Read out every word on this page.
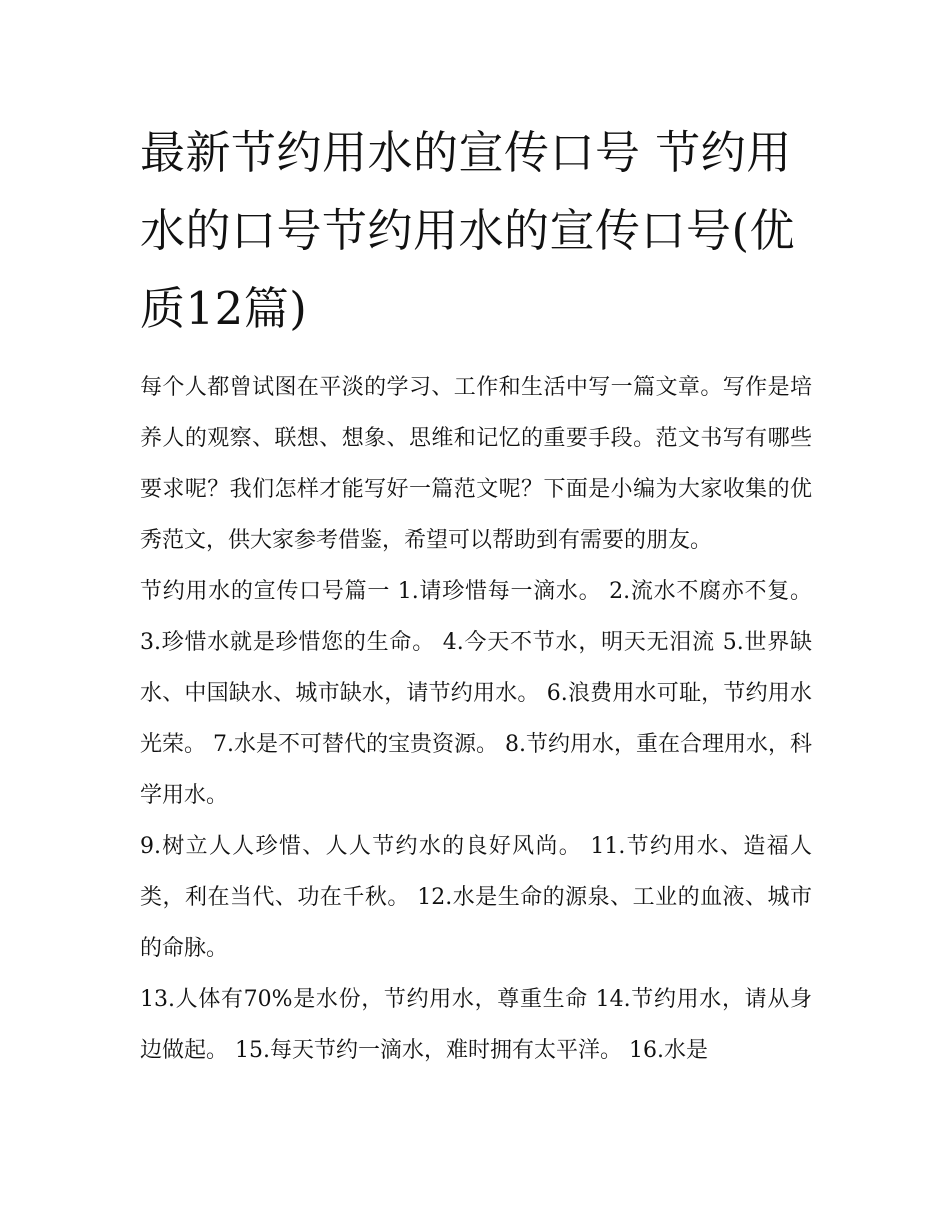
最新节约用水的宣传口号 节约用水的口号节约用水的宣传口号(优质12篇)

每个人都曾试图在平淡的学习、工作和生活中写一篇文章。写作是培养人的观察、联想、想象、思维和记忆的重要手段。范文书写有哪些要求呢？我们怎样才能写好一篇范文呢？下面是小编为大家收集的优秀范文，供大家参考借鉴，希望可以帮助到有需要的朋友。

节约用水的宣传口号篇一 1.请珍惜每一滴水。 2.流水不腐亦不复。 3.珍惜水就是珍惜您的生命。 4.今天不节水，明天无泪流 5.世界缺水、中国缺水、城市缺水，请节约用水。 6.浪费用水可耻，节约用水光荣。 7.水是不可替代的宝贵资源。 8.节约用水，重在合理用水，科学用水。

9.树立人人珍惜、人人节约水的良好风尚。 11.节约用水、造福人类，利在当代、功在千秋。 12.水是生命的源泉、工业的血液、城市的命脉。

13.人体有70%是水份，节约用水，尊重生命 14.节约用水，请从身边做起。 15.每天节约一滴水，难时拥有太平洋。 16.水是
